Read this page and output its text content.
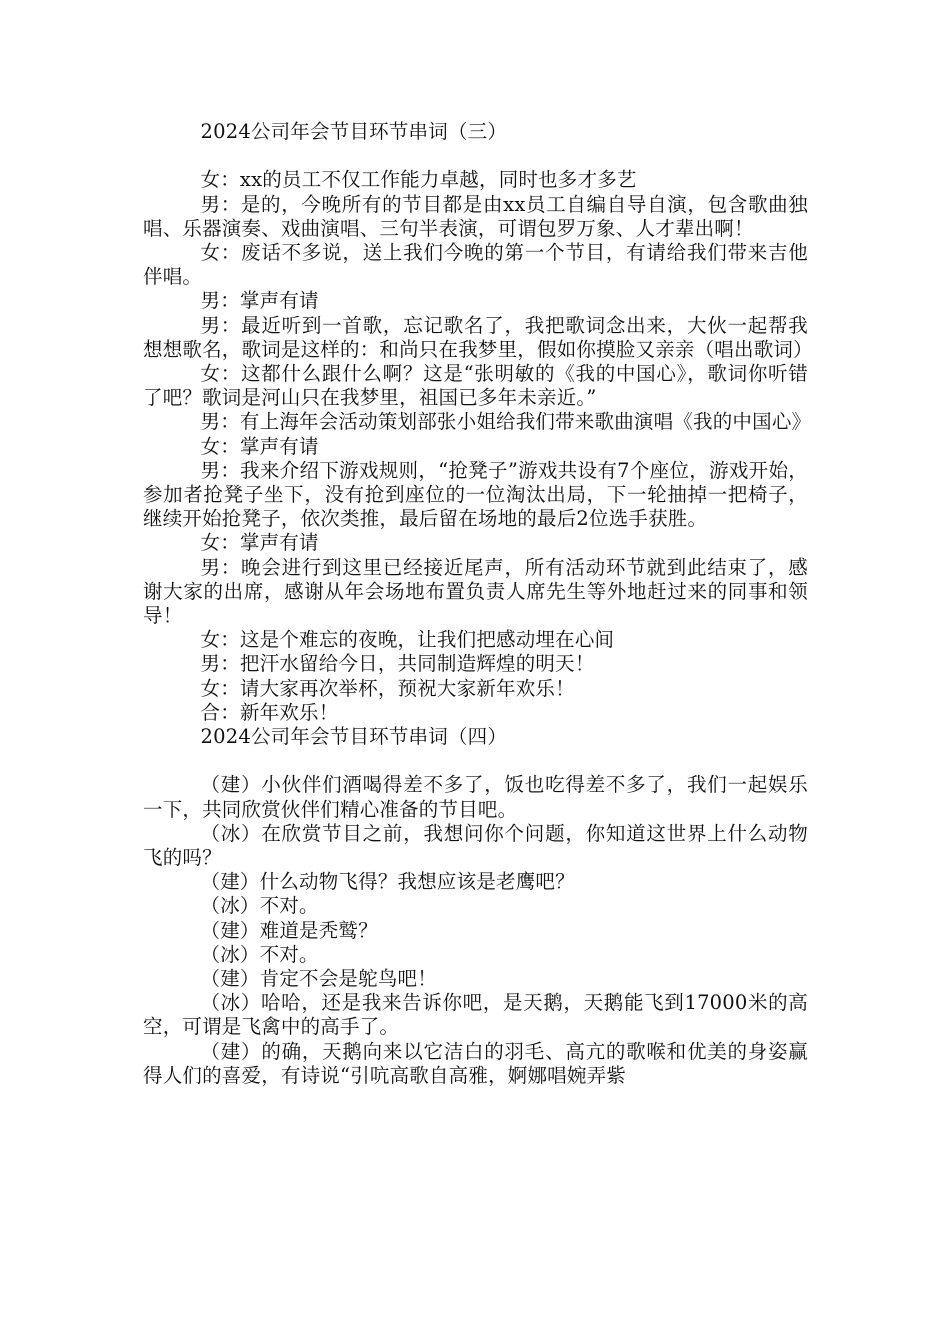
2024公司年会节目环节串词（三）

女：xx的员工不仅工作能力卓越，同时也多才多艺

男：是的，今晚所有的节目都是由xx员工自编自导自演，包含歌曲独唱、乐器演奏、戏曲演唱、三句半表演，可谓包罗万象、人才辈出啊！

女：废话不多说，送上我们今晚的第一个节目，有请给我们带来吉他伴唱。

男：掌声有请

男：最近听到一首歌，忘记歌名了，我把歌词念出来，大伙一起帮我想想歌名，歌词是这样的：和尚只在我梦里，假如你摸脸又亲亲（唱出歌词）

女：这都什么跟什么啊？这是“张明敏的《我的中国心》，歌词你听错了吧？歌词是河山只在我梦里，祖国已多年未亲近。”

男：有上海年会活动策划部张小姐给我们带来歌曲演唱《我的中国心》

女：掌声有请

男：我来介绍下游戏规则，“抢凳子”游戏共设有7个座位，游戏开始，参加者抢凳子坐下，没有抢到座位的一位淘汰出局，下一轮抽掉一把椅子，继续开始抢凳子，依次类推，最后留在场地的最后2位选手获胜。

女：掌声有请

男：晚会进行到这里已经接近尾声，所有活动环节就到此结束了，感谢大家的出席，感谢从年会场地布置负责人席先生等外地赶过来的同事和领导！

女：这是个难忘的夜晚，让我们把感动埋在心间

男：把汗水留给今日，共同制造辉煌的明天！

女：请大家再次举杯，预祝大家新年欢乐！

合：新年欢乐！

2024公司年会节目环节串词（四）

（建）小伙伴们酒喝得差不多了，饭也吃得差不多了，我们一起娱乐一下，共同欣赏伙伴们精心准备的节目吧。

（冰）在欣赏节目之前，我想问你个问题，你知道这世界上什么动物飞的吗？

（建）什么动物飞得？我想应该是老鹰吧？

（冰）不对。

（建）难道是秃鹫？

（冰）不对。

（建）肯定不会是鸵鸟吧！

（冰）哈哈，还是我来告诉你吧，是天鹅，天鹅能飞到17000米的高空，可谓是飞禽中的高手了。

（建）的确，天鹅向来以它洁白的羽毛、高亢的歌喉和优美的身姿赢得人们的喜爱，有诗说“引吭高歌自高雅，婀娜唱婉弄紫
